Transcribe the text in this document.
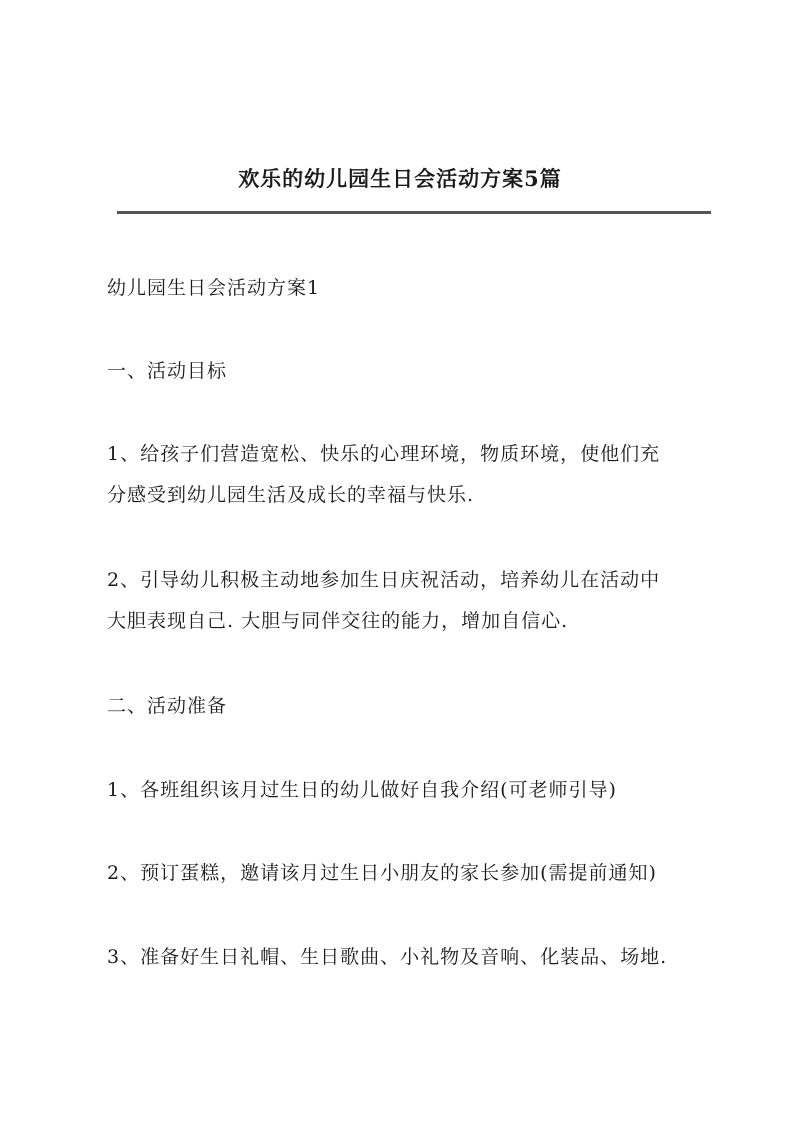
欢乐的幼儿园生日会活动方案5篇

幼儿园生日会活动方案1

一、活动目标

1、给孩子们营造宽松、快乐的心理环境，物质环境，使他们充
分感受到幼儿园生活及成长的幸福与快乐.

2、引导幼儿积极主动地参加生日庆祝活动，培养幼儿在活动中
大胆表现自己. 大胆与同伴交往的能力，增加自信心.

二、活动准备

1、各班组织该月过生日的幼儿做好自我介绍(可老师引导)

2、预订蛋糕，邀请该月过生日小朋友的家长参加(需提前通知)

3、准备好生日礼帽、生日歌曲、小礼物及音响、化装品、场地.
